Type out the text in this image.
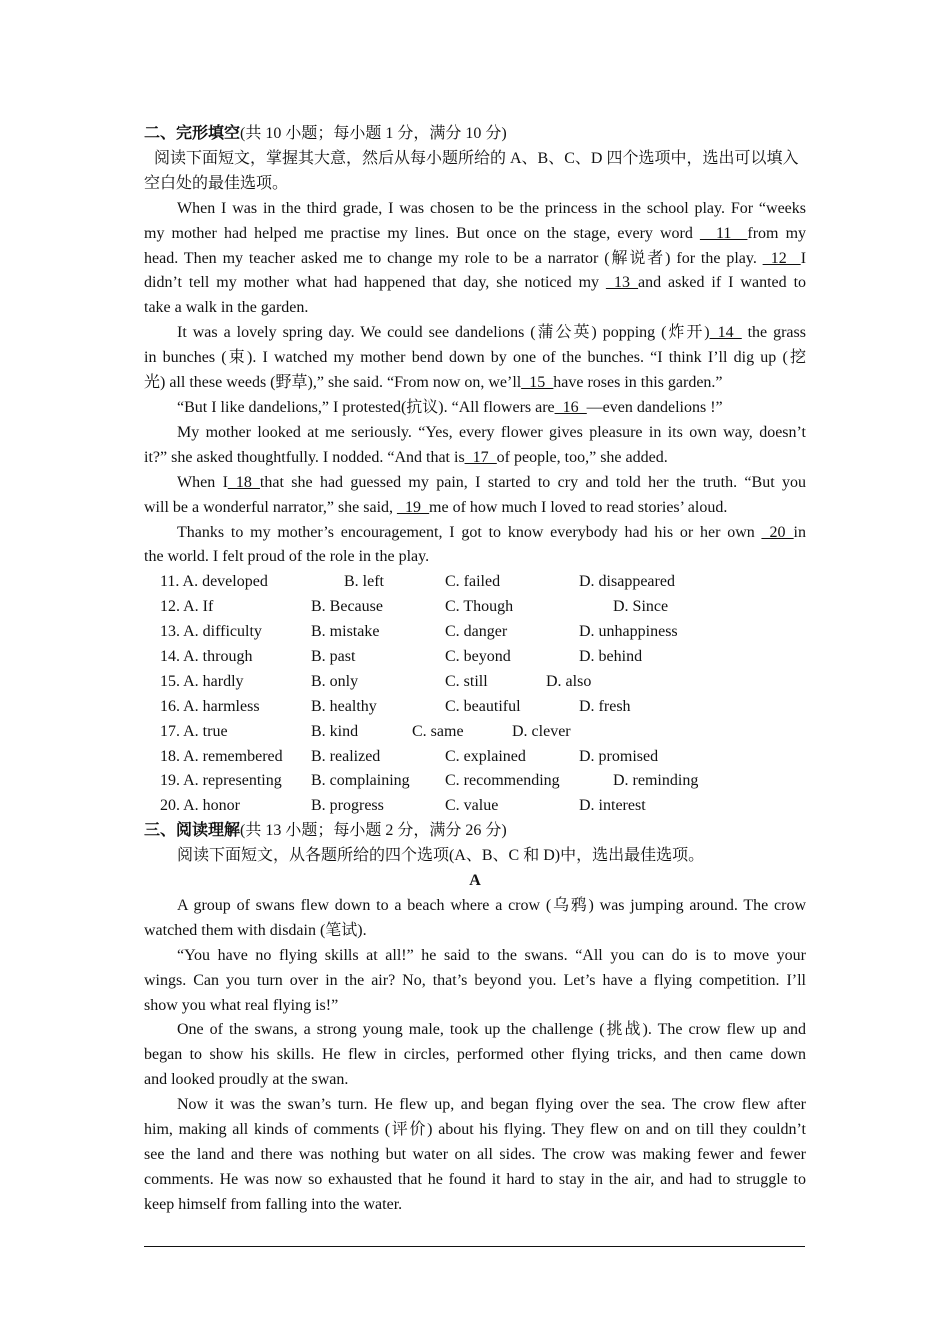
二、完形填空(共 10 小题；每小题 1 分，满分 10 分)
阅读下面短文，掌握其大意，然后从每小题所给的 A、B、C、D 四个选项中，选出可以填入
空白处的最佳选项。
When I was in the third grade, I was chosen to be the princess in the school play. For “weeks
my mother had helped me practise my lines. But once on the stage, every word __11__from my
head. Then my teacher asked me to change my role to be a narrator (解说者) for the play. _12_ I
didn’t tell my mother what had happened that day, she noticed my _13_and asked if I wanted to
take a walk in the garden.
It was a lovely spring day. We could see dandelions (蒲公英) popping (炸开)_14_ the grass
in bunches (束). I watched my mother bend down by one of the bunches. “I think I’ll dig up (挖
光) all these weeds (野草),” she said. “From now on, we’ll_15_have roses in this garden.”
“But I like dandelions,” I protested(抗议). “All flowers are_16_—even dandelions !”
My mother looked at me seriously. “Yes, every flower gives pleasure in its own way, doesn’t
it?” she asked thoughtfully. I nodded. “And that is_17_of people, too,” she added.
When I_18_that she had guessed my pain, I started to cry and told her the truth. “But you
will be a wonderful narrator,” she said, _19_me of how much I loved to read stories’ aloud.
Thanks to my mother’s encouragement, I got to know everybody had his or her own _20_in
the world. I felt proud of the role in the play.
11. A. developed	B. left	C. failed	D. disappeared
12. A. If	B. Because	C. Though	D. Since
13. A. difficulty	B. mistake	C. danger	D. unhappiness
14. A. through	B. past	C. beyond	D. behind
15. A. hardly	B. only	C. still	D. also
16. A. harmless	B. healthy	C. beautiful	D. fresh
17. A. true	B. kind	C. same	D. clever
18. A. remembered B. realized	C. explained	D. promised
19. A. representing B. complaining C. recommending	D. reminding
20. A. honor	B. progress	C. value	D. interest
三、阅读理解(共 13 小题；每小题 2 分，满分 26 分)
阅读下面短文，从各题所给的四个选项(A、B、C 和 D)中，选出最佳选项。
A
A group of swans flew down to a beach where a crow (乌鸦) was jumping around. The crow
watched them with disdain (笔试).
“You have no flying skills at all!” he said to the swans. “All you can do is to move your
wings. Can you turn over in the air? No, that’s beyond you. Let’s have a flying competition. I’ll
show you what real flying is!”
One of the swans, a strong young male, took up the challenge (挑战). The crow flew up and
began to show his skills. He flew in circles, performed other flying tricks, and then came down
and looked proudly at the swan.
Now it was the swan’s turn. He flew up, and began flying over the sea. The crow flew after
him, making all kinds of comments (评价) about his flying. They flew on and on till they couldn’t
see the land and there was nothing but water on all sides. The crow was making fewer and fewer
comments. He was now so exhausted that he found it hard to stay in the air, and had to struggle to
keep himself from falling into the water.
